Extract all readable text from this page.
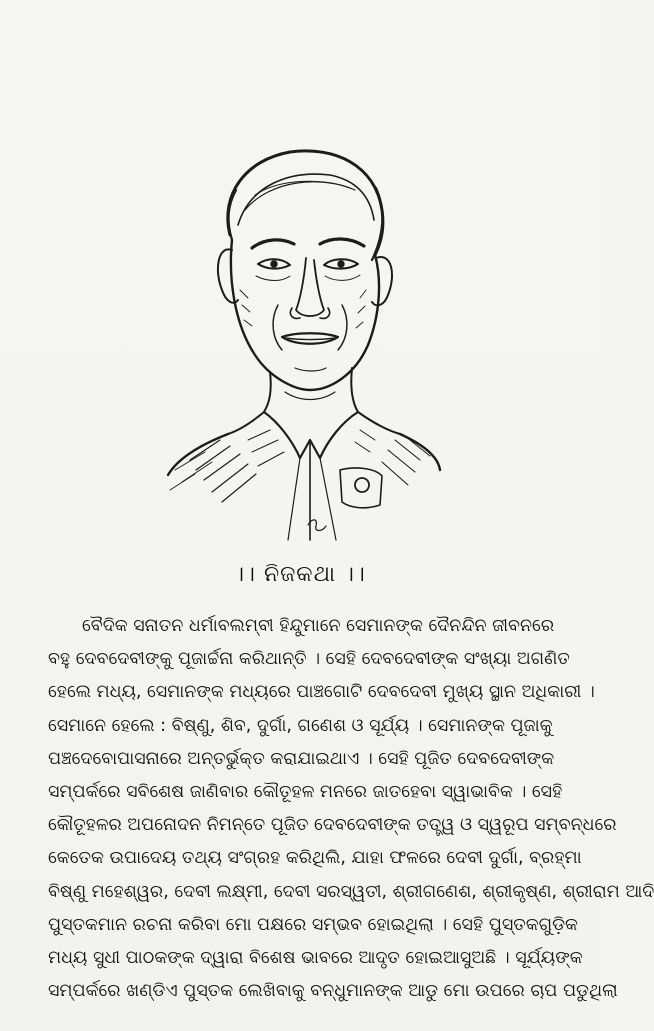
।। ନିଜକଥା ।।
ବୈଦିକ ସନାତନ ଧର୍ମାବଲମ୍ବୀ ହିନ୍ଦୁମାନେ ସେମାନଙ୍କ ଦୈନନ୍ଦିନ ଜୀବନରେ
ବହୁ ଦେବଦେବୀଙ୍କୁ ପୂଜାର୍ଚ୍ଚନା କରିଥାନ୍ତି । ସେହି ଦେବଦେବୀଙ୍କ ସଂଖ୍ୟା ଅଗଣିତ
ହେଲେ ମଧ୍ୟ, ସେମାନଙ୍କ ମଧ୍ୟରେ ପାଞ୍ଚଗୋଟି ଦେବଦେବୀ ମୁଖ୍ୟ ସ୍ଥାନ ଅଧିକାରୀ ।
ସେମାନେ ହେଲେ : ବିଷ୍ଣୁ, ଶିବ, ଦୁର୍ଗା, ଗଣେଶ ଓ ସୂର୍ଯ୍ୟ । ସେମାନଙ୍କ ପୂଜାକୁ
ପଞ୍ଚଦେବୋପାସନାରେ ଅନ୍ତର୍ଭୁକ୍ତ କରାଯାଇଥାଏ । ସେହି ପୂଜିତ ଦେବଦେବୀଙ୍କ
ସମ୍ପର୍କରେ ସବିଶେଷ ଜାଣିବାର କୌତୂହଳ ମନରେ ଜାତହେବା ସ୍ୱାଭାବିକ । ସେହି
କୌତୂହଳର ଅପନୋଦନ ନିମନ୍ତେ ପୂଜିତ ଦେବଦେବୀଙ୍କ ତତ୍ତ୍ୱ ଓ ସ୍ୱରୂପ ସମ୍ବନ୍ଧରେ
କେତେକ ଉପାଦେୟ ତଥ୍ୟ ସଂଗ୍ରହ କରିଥିଲି, ଯାହା ଫଳରେ ଦେବୀ ଦୁର୍ଗା, ବ୍ରହ୍ମା
ବିଷ୍ଣୁ ମହେଶ୍ୱର, ଦେବୀ ଲକ୍ଷ୍ମୀ, ଦେବୀ ସରସ୍ୱତୀ, ଶ୍ରୀଗଣେଶ, ଶ୍ରୀକୃଷ୍ଣ, ଶ୍ରୀରାମ ଆଦି
ପୁସ୍ତକମାନ ରଚନା କରିବା ମୋ ପକ୍ଷରେ ସମ୍ଭବ ହୋଇଥିଲା । ସେହି ପୁସ୍ତକଗୁଡ଼ିକ
ମଧ୍ୟ ସୁଧୀ ପାଠକଙ୍କ ଦ୍ୱାରା ବିଶେଷ ଭାବରେ ଆଦୃତ ହୋଇଆସୁଅଛି । ସୂର୍ଯ୍ୟଙ୍କ
ସମ୍ପର୍କରେ ଖଣ୍ଡିଏ ପୁସ୍ତକ ଲେଖିବାକୁ ବନ୍ଧୁମାନଙ୍କ ଆଡୁ ମୋ ଉପରେ ଚାପ ପଡୁଥିଲା
